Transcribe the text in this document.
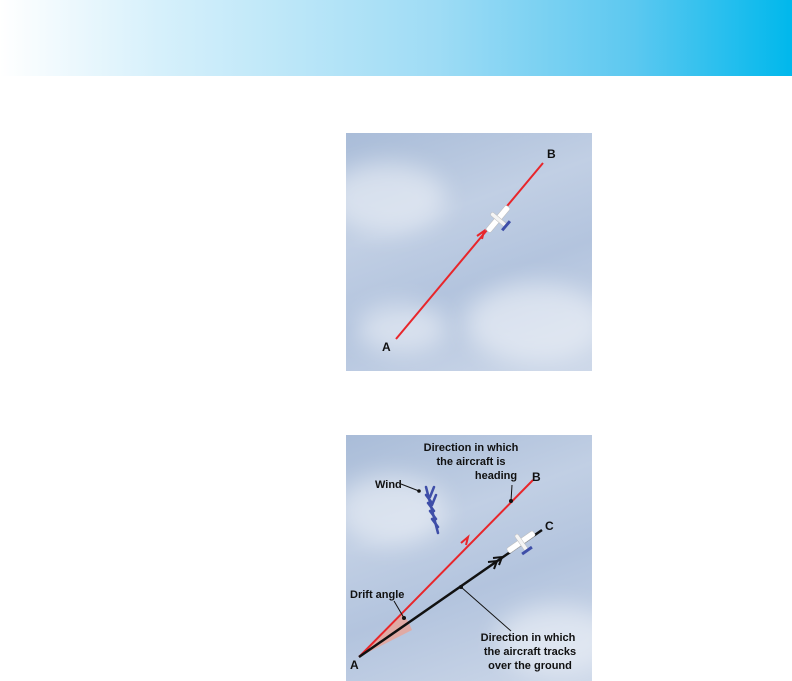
A
B
A
B
C
Wind
Drift angle
Direction in which
the aircraft is
heading
Direction in which
the aircraft tracks
over the ground
